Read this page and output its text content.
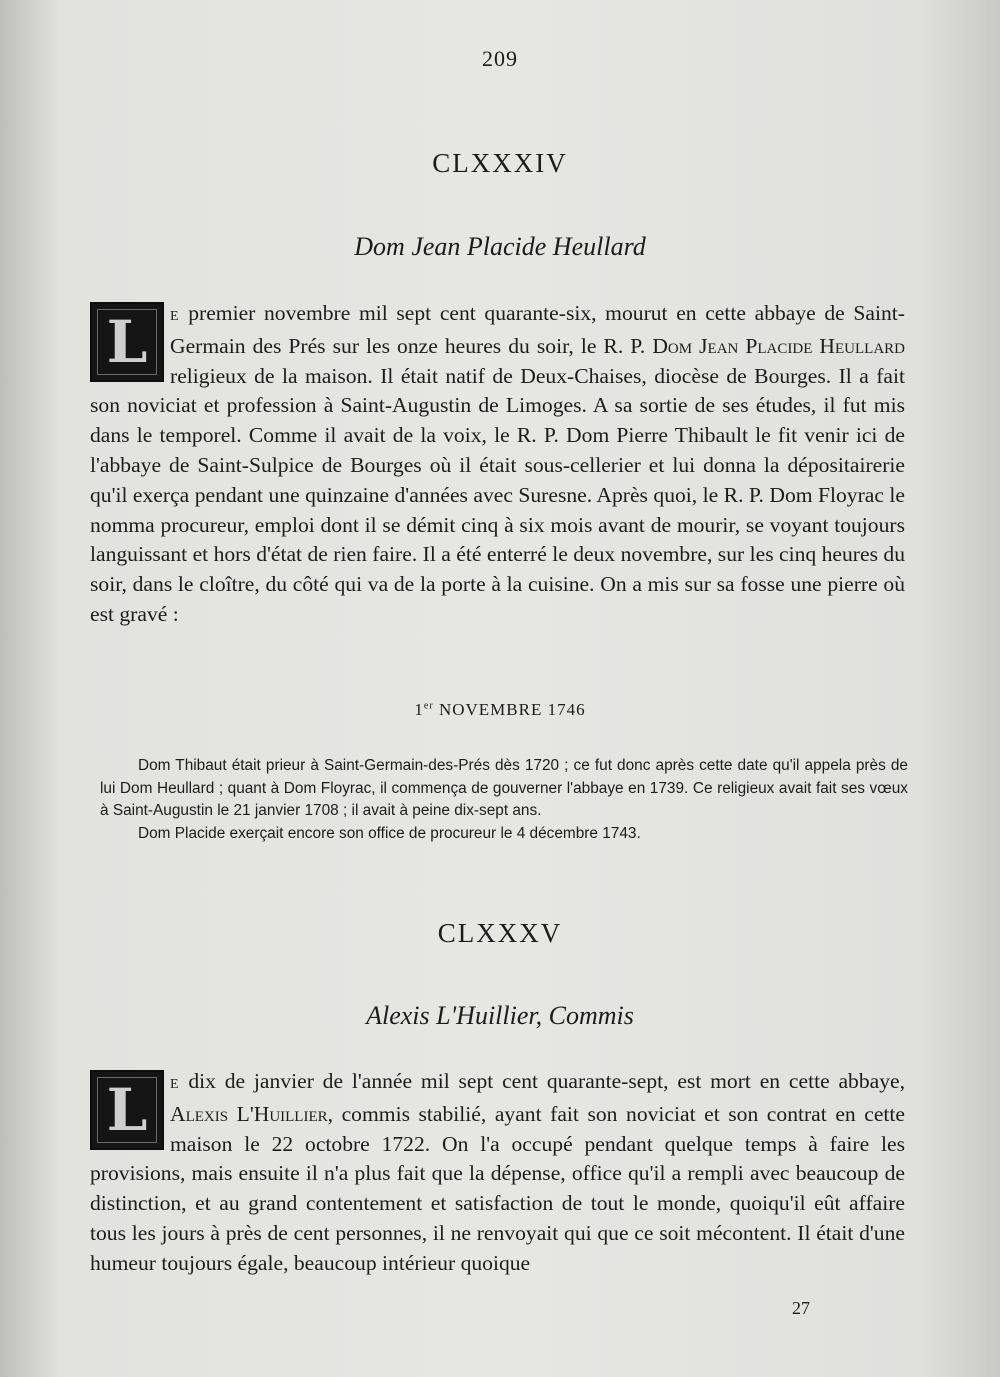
209
CLXXXIV
Dom Jean Placide Heullard
L	E premier novembre mil sept cent quarante-six, mourut en cette abbaye de Saint-Germain des Prés sur les onze heures du soir, le R. P. Dom Jean Placide Heullard religieux de la maison. Il était natif de Deux-Chaises, diocèse de Bourges. Il a fait son noviciat et profession à Saint-Augustin de Limoges. A sa sortie de ses études, il fut mis dans le temporel. Comme il avait de la voix, le R. P. Dom Pierre Thibault le fit venir ici de l'abbaye de Saint-Sulpice de Bourges où il était sous-cellerier et lui donna la dépositairerie qu'il exerça pendant une quinzaine d'années avec Suresne. Après quoi, le R. P. Dom Floyrac le nomma procureur, emploi dont il se démit cinq à six mois avant de mourir, se voyant toujours languissant et hors d'état de rien faire. Il a été enterré le deux novembre, sur les cinq heures du soir, dans le cloître, du côté qui va de la porte à la cuisine. On a mis sur sa fosse une pierre où est gravé :

1er NOVEMBRE 1746

Dom Thibaut était prieur à Saint-Germain-des-Prés dès 1720 ; ce fut donc après cette date qu'il appela près de lui Dom Heullard ; quant à Dom Floyrac, il commença de gouverner l'abbaye en 1739. Ce religieux avait fait ses vœux à Saint-Augustin le 21 janvier 1708 ; il avait à peine dix-sept ans.

Dom Placide exerçait encore son office de procureur le 4 décembre 1743.

CLXXXV
Alexis L'Huillier, Commis
L	E dix de janvier de l'année mil sept cent quarante-sept, est mort en cette abbaye, Alexis L'Huillier, commis stabilié, ayant fait son noviciat et son contrat en cette maison le 22 octobre 1722. On l'a occupé pendant quelque temps à faire les provisions, mais ensuite il n'a plus fait que la dépense, office qu'il a rempli avec beaucoup de distinction, et au grand contentement et satisfaction de tout le monde, quoiqu'il eût affaire tous les jours à près de cent personnes, il ne renvoyait qui que ce soit mécontent. Il était d'une humeur toujours égale, beaucoup intérieur quoique

27
